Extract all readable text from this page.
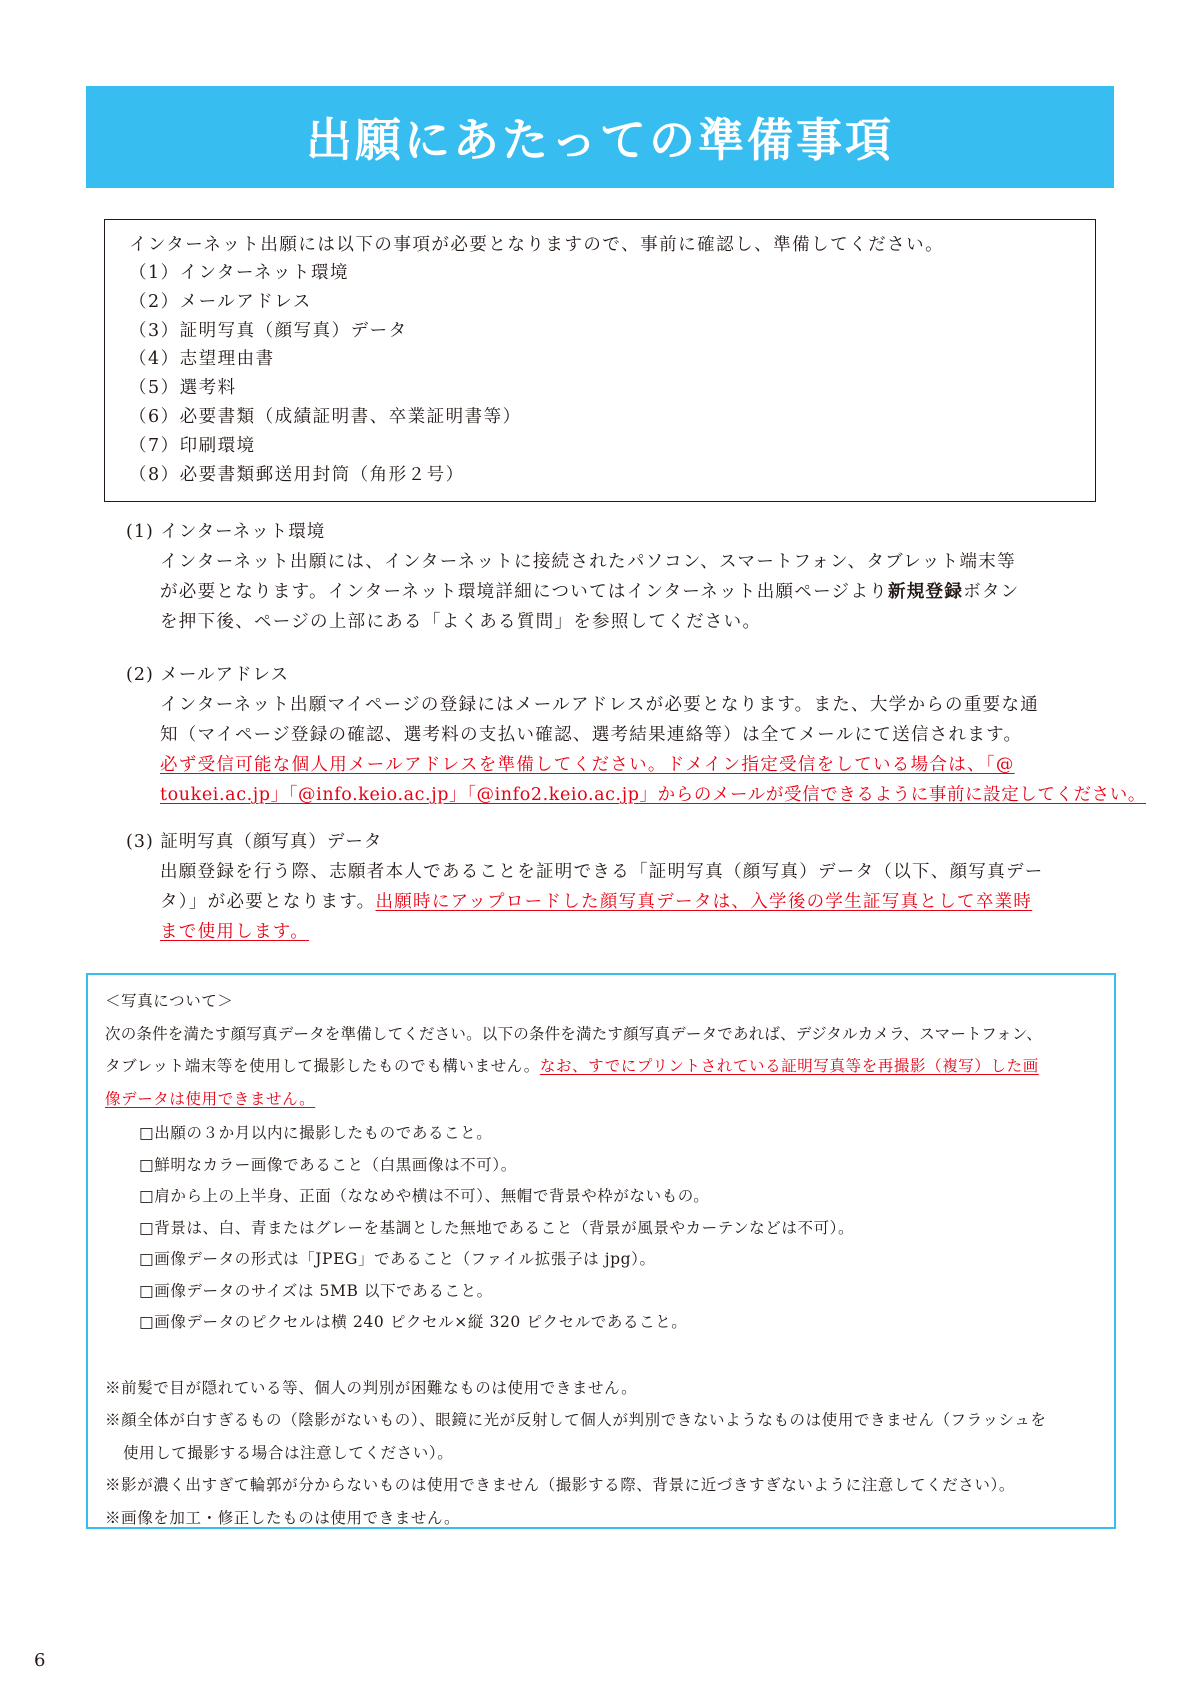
出願にあたっての準備事項
インターネット出願には以下の事項が必要となりますので、事前に確認し、準備してください。
（1）インターネット環境
（2）メールアドレス
（3）証明写真（顔写真）データ
（4）志望理由書
（5）選考料
（6）必要書類（成績証明書、卒業証明書等）
（7）印刷環境
（8）必要書類郵送用封筒（角形２号）
(1) インターネット環境
インターネット出願には、インターネットに接続されたパソコン、スマートフォン、タブレット端末等
が必要となります。インターネット環境詳細についてはインターネット出願ページより新規登録ボタン
を押下後、ページの上部にある「よくある質問」を参照してください。
(2) メールアドレス
インターネット出願マイページの登録にはメールアドレスが必要となります。また、大学からの重要な通
知（マイページ登録の確認、選考料の支払い確認、選考結果連絡等）は全てメールにて送信されます。
必ず受信可能な個人用メールアドレスを準備してください。ドメイン指定受信をしている場合は、「@
toukei.ac.jp」「@info.keio.ac.jp」「@info2.keio.ac.jp」からのメールが受信できるように事前に設定してください。
(3) 証明写真（顔写真）データ
出願登録を行う際、志願者本人であることを証明できる「証明写真（顔写真）データ（以下、顔写真デー
タ）」が必要となります。出願時にアップロードした顔写真データは、入学後の学生証写真として卒業時
まで使用します。
＜写真について＞
次の条件を満たす顔写真データを準備してください。以下の条件を満たす顔写真データであれば、デジタルカメラ、スマートフォン、
タブレット端末等を使用して撮影したものでも構いません。なお、すでにプリントされている証明写真等を再撮影（複写）した画
像データは使用できません。
□出願の３か月以内に撮影したものであること。
□鮮明なカラー画像であること（白黒画像は不可）。
□肩から上の上半身、正面（ななめや横は不可）、無帽で背景や枠がないもの。
□背景は、白、青またはグレーを基調とした無地であること（背景が風景やカーテンなどは不可）。
□画像データの形式は「JPEG」であること（ファイル拡張子は jpg）。
□画像データのサイズは 5MB 以下であること。
□画像データのピクセルは横 240 ピクセル×縦 320 ピクセルであること。
※前髪で目が隠れている等、個人の判別が困難なものは使用できません。
※顔全体が白すぎるもの（陰影がないもの）、眼鏡に光が反射して個人が判別できないようなものは使用できません（フラッシュを
使用して撮影する場合は注意してください）。
※影が濃く出すぎて輪郭が分からないものは使用できません（撮影する際、背景に近づきすぎないように注意してください）。
※画像を加工・修正したものは使用できません。
6
